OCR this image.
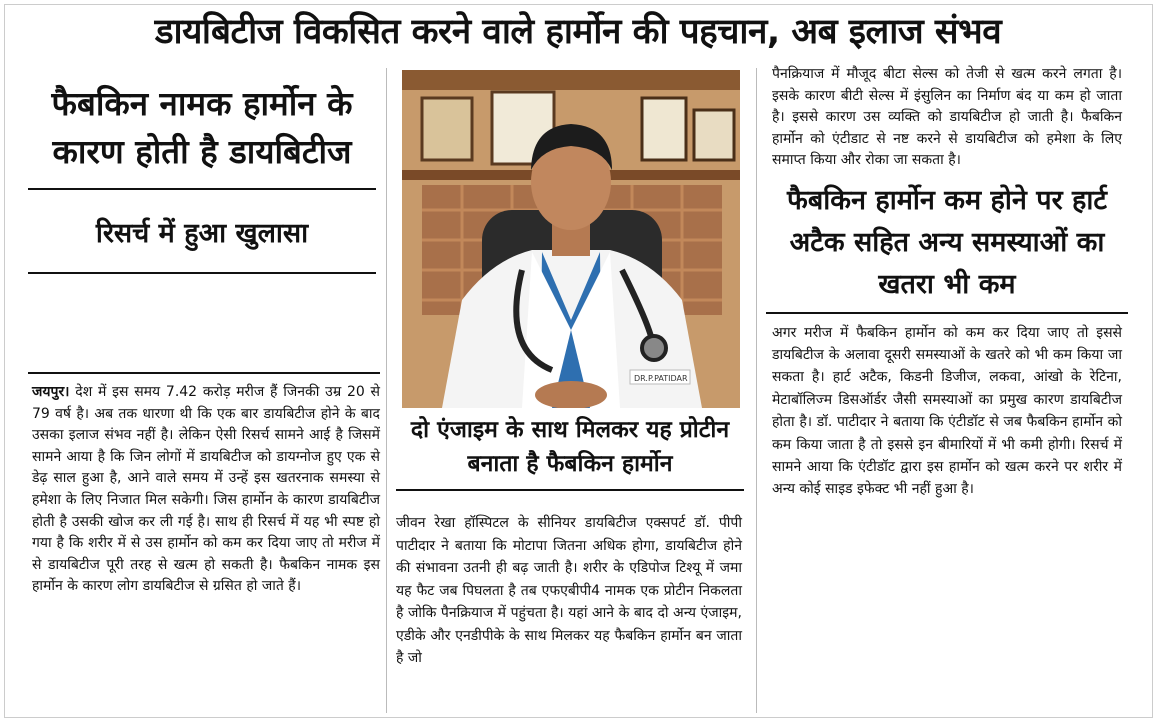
डायबिटीज विकसित करने वाले हार्मोन की पहचान, अब इलाज संभव
फैबकिन नामक हार्मोन के कारण होती है डायबिटीज
रिसर्च में हुआ खुलासा
जयपुर। देश में इस समय 7.42 करोड़ मरीज हैं जिनकी उम्र 20 से 79 वर्ष है। अब तक धारणा थी कि एक बार डायबिटीज होने के बाद उसका इलाज संभव नहीं है। लेकिन ऐसी रिसर्च सामने आई है जिसमें सामने आया है कि जिन लोगों में डायबिटीज को डायग्नोज हुए एक से डेढ़ साल हुआ है, आने वाले समय में उन्हें इस खतरनाक समस्या से हमेशा के लिए निजात मिल सकेगी। जिस हार्मोन के कारण डायबिटीज होती है उसकी खोज कर ली गई है। साथ ही रिसर्च में यह भी स्पष्ट हो गया है कि शरीर में से उस हार्मोन को कम कर दिया जाए तो मरीज में से डायबिटीज पूरी तरह से खत्म हो सकती है। फैबकिन नामक इस हार्मोन के कारण लोग डायबिटीज से ग्रसित हो जाते हैं।
DR.P.PATIDAR
दो एंजाइम के साथ मिलकर यह प्रोटीन बनाता है फैबकिन हार्मोन
जीवन रेखा हॉस्पिटल के सीनियर डायबिटीज एक्सपर्ट डॉ. पीपी पाटीदार ने बताया कि मोटापा जितना अधिक होगा, डायबिटीज होने की संभावना उतनी ही बढ़ जाती है। शरीर के एडिपोज टिश्यू में जमा यह फैट जब पिघलता है तब एफएबीपी4 नामक एक प्रोटीन निकलता है जोकि पैनक्रियाज में पहुंचता है। यहां आने के बाद दो अन्य एंजाइम, एडीके और एनडीपीके के साथ मिलकर यह फैबकिन हार्मोन बन जाता है जो
पैनक्रियाज में मौजूद बीटा सेल्स को तेजी से खत्म करने लगता है। इसके कारण बीटी सेल्स में इंसुलिन का निर्माण बंद या कम हो जाता है। इससे कारण उस व्यक्ति को डायबिटीज हो जाती है। फैबकिन हार्मोन को एंटीडाट से नष्ट करने से डायबिटीज को हमेशा के लिए समाप्त किया और रोका जा सकता है।
फैबकिन हार्मोन कम होने पर हार्ट अटैक सहित अन्य समस्याओं का खतरा भी कम
अगर मरीज में फैबकिन हार्मोन को कम कर दिया जाए तो इससे डायबिटीज के अलावा दूसरी समस्याओं के खतरे को भी कम किया जा सकता है। हार्ट अटैक, किडनी डिजीज, लकवा, आंखो के रेटिना, मेटाबॉलिज्म डिसऑर्डर जैसी समस्याओं का प्रमुख कारण डायबिटीज होता है। डॉ. पाटीदार ने बताया कि एंटीडॉट से जब फैबकिन हार्मोन को कम किया जाता है तो इससे इन बीमारियों में भी कमी होगी। रिसर्च में सामने आया कि एंटीडॉट द्वारा इस हार्मोन को खत्म करने पर शरीर में अन्य कोई साइड इफेक्ट भी नहीं हुआ है।
